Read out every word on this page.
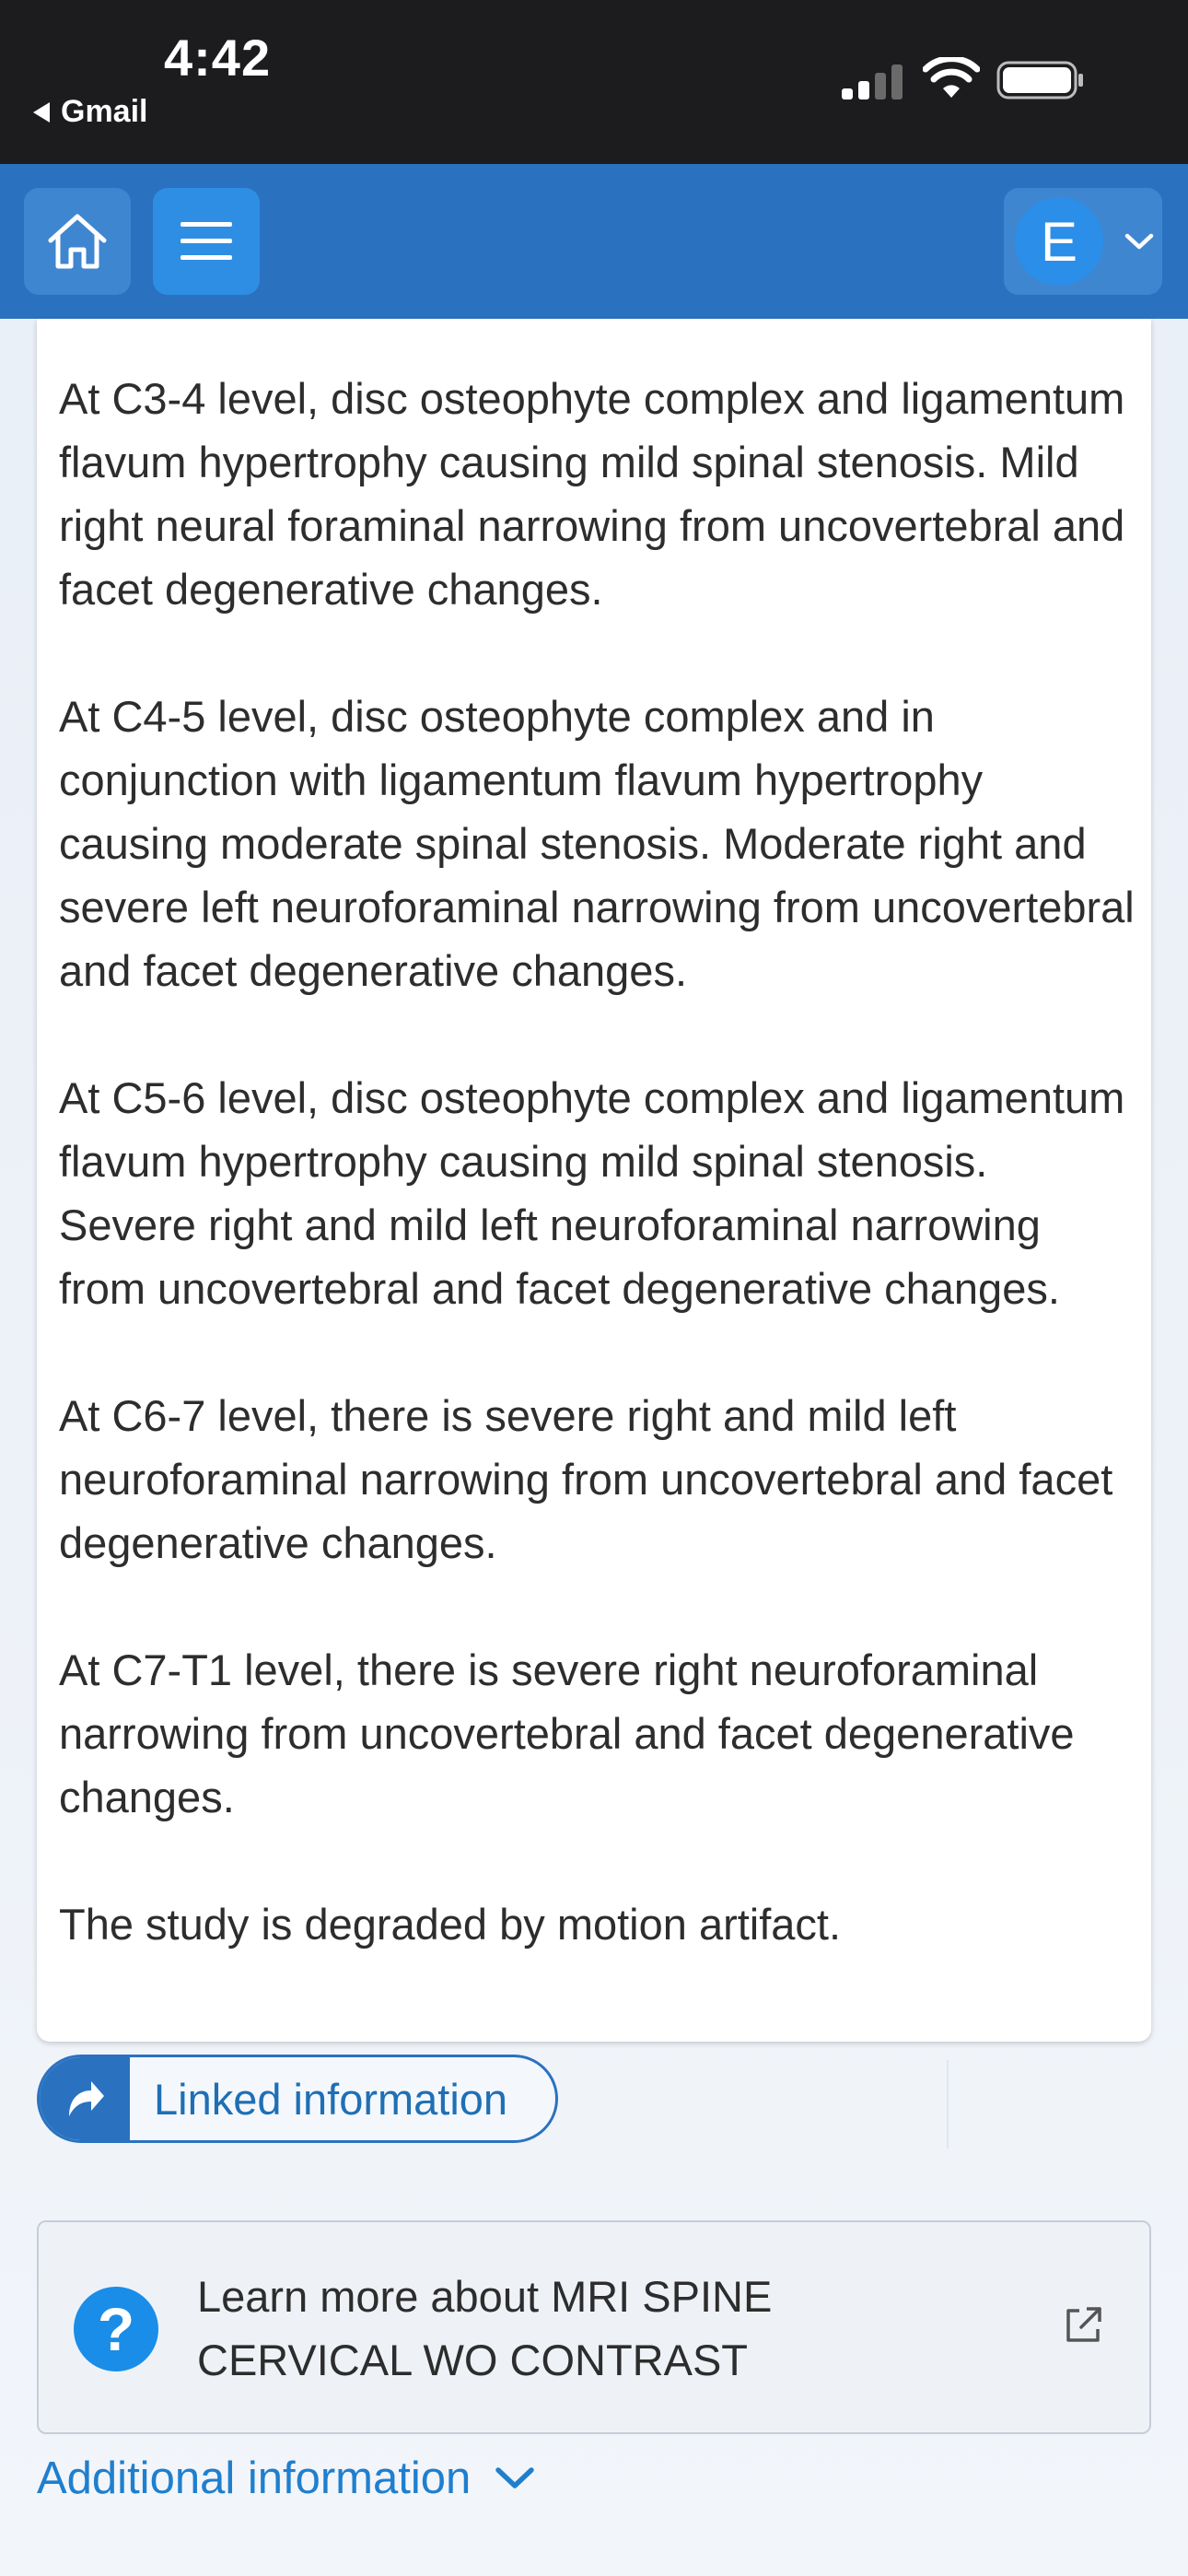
4:42
Gmail
E

At C3-4 level, disc osteophyte complex and ligamentum flavum hypertrophy causing mild spinal stenosis. Mild right neural foraminal narrowing from uncovertebral and facet degenerative changes.

At C4-5 level, disc osteophyte complex and in conjunction with ligamentum flavum hypertrophy causing moderate spinal stenosis. Moderate right and severe left neuroforaminal narrowing from uncovertebral and facet degenerative changes.

At C5-6 level, disc osteophyte complex and ligamentum flavum hypertrophy causing mild spinal stenosis. Severe right and mild left neuroforaminal narrowing from uncovertebral and facet degenerative changes.

At C6-7 level, there is severe right and mild left neuroforaminal narrowing from uncovertebral and facet degenerative changes.

At C7-T1 level, there is severe right neuroforaminal narrowing from uncovertebral and facet degenerative changes.

The study is degraded by motion artifact.

Linked information
?	Learn more about MRI SPINE CERVICAL WO CONTRAST
Additional information
